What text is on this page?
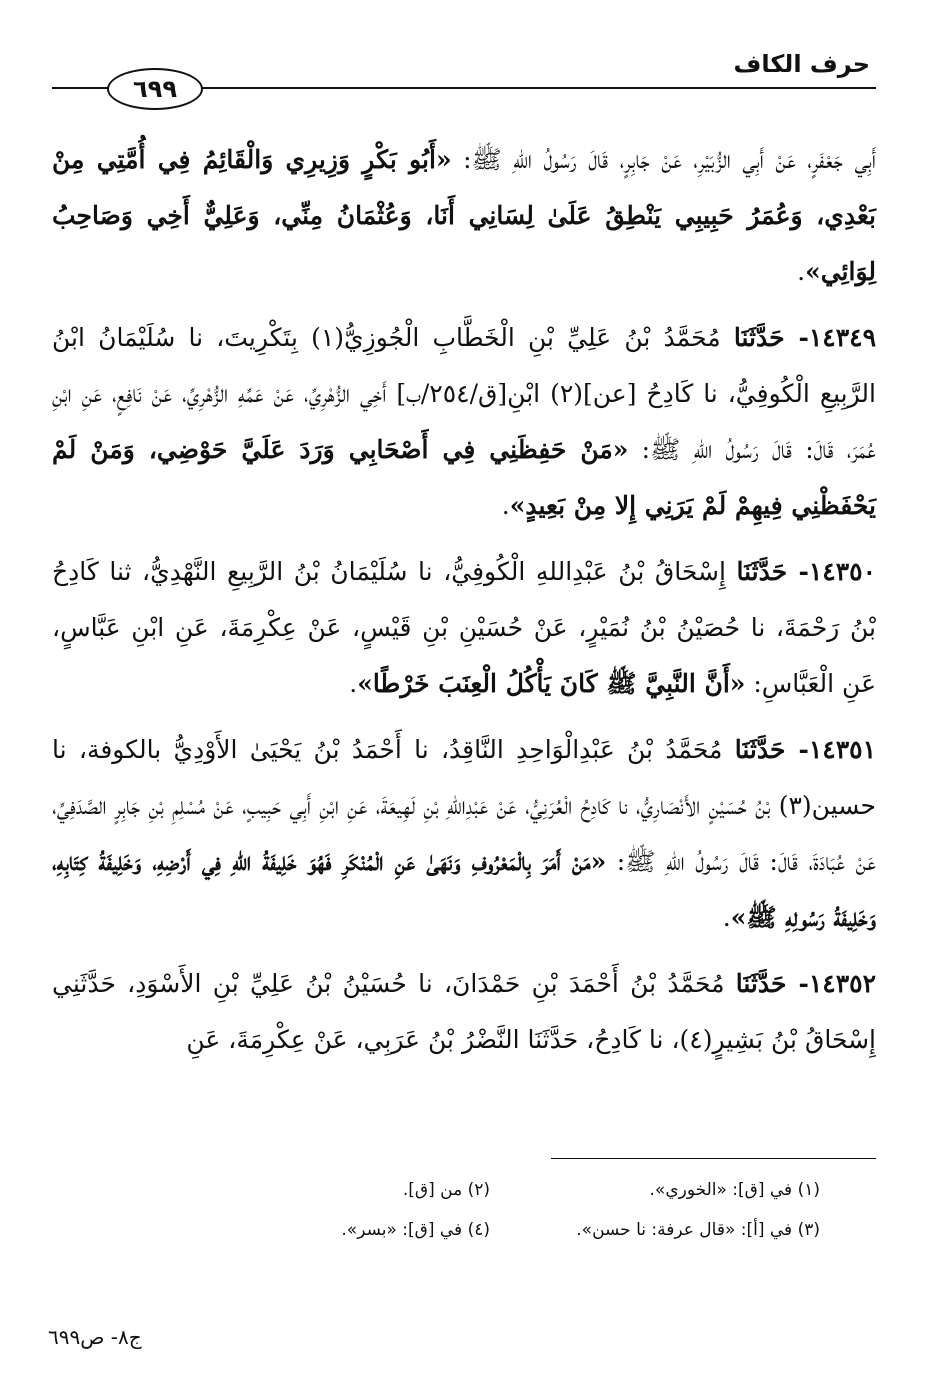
حرف الكاف
٦٩٩

أَبِي جَعْفَرٍ، عَنْ أَبِي الزُّبَيْرِ، عَنْ جَابِرٍ، قَالَ رَسُولُ اللهِ ﷺ: «أَبُو بَكْرٍ وَزِيرِي وَالْقَائِمُ فِي أُمَّتِي مِنْ بَعْدِي، وَعُمَرُ حَبِيبِي يَنْطِقُ عَلَىٰ لِسَانِي أَنَا، وَعُثْمَانُ مِنِّي، وَعَلِيٌّ أَخِي وَصَاحِبُ لِوَائِي».

١٤٣٤٩- حَدَّثَنَا مُحَمَّدُ بْنُ عَلِيِّ بْنِ الْخَطَّابِ الْجُوزِيُّ(١) بِتَكْرِيتَ، نا سُلَيْمَانُ ابْنُ الرَّبِيعِ الْكُوفِيُّ، نا كَادِحُ [عن](٢) ابْنِ[ق/٢٥٤/ب] أَخِي الزُّهْرِيِّ، عَنْ عَمِّهِ الزُّهْرِيِّ، عَنْ نَافِعٍ، عَنِ ابْنِ عُمَرَ، قَالَ: قَالَ رَسُولُ اللهِ ﷺ: «مَنْ حَفِظَنِي فِي أَصْحَابِي وَرَدَ عَلَيَّ حَوْضِي، وَمَنْ لَمْ يَحْفَظْنِي فِيهِمْ لَمْ يَرَنِي إِلا مِنْ بَعِيدٍ».

١٤٣٥٠- حَدَّثَنَا إِسْحَاقُ بْنُ عَبْدِاللهِ الْكُوفِيُّ، نا سُلَيْمَانُ بْنُ الرَّبِيعِ النَّهْدِيُّ، ثنا كَادِحُ بْنُ رَحْمَةَ، نا حُصَيْنُ بْنُ نُمَيْرٍ، عَنْ حُسَيْنِ بْنِ قَيْسٍ، عَنْ عِكْرِمَةَ، عَنِ ابْنِ عَبَّاسٍ، عَنِ الْعَبَّاسِ: «أَنَّ النَّبِيَّ ﷺ كَانَ يَأْكُلُ الْعِنَبَ خَرْطًا».

١٤٣٥١- حَدَّثَنَا مُحَمَّدُ بْنُ عَبْدِالْوَاحِدِ النَّاقِدُ، نا أَحْمَدُ بْنُ يَحْيَىٰ الأَوْدِيُّ بالكوفة، نا حسين(٣) بْنُ حُسَيْنٍ الأَنْصَارِيُّ، نا كَادِحُ الْعُرَنِيُّ، عَنْ عَبْدِاللهِ بْنِ لَهِيعَةَ، عَنِ ابْنِ أَبِي حَبِيبٍ، عَنْ مُسْلِمِ بْنِ جَابِرٍ الصَّدَفِيِّ، عَنْ عُبَادَةَ، قَالَ: قَالَ رَسُولُ اللهِ ﷺ: «مَنْ أَمَرَ بِالْمَعْرُوفِ وَنَهَىٰ عَنِ الْمُنْكَرِ فَهُوَ خَلِيفَةُ اللهِ فِي أَرْضِهِ، وَخَلِيفَةُ كِتَابِهِ، وَخَلِيفَةُ رَسُولِهِ ﷺ».

١٤٣٥٢- حَدَّثَنَا مُحَمَّدُ بْنُ أَحْمَدَ بْنِ حَمْدَانَ، نا حُسَيْنُ بْنُ عَلِيِّ بْنِ الأَسْوَدِ، حَدَّثَنِي إِسْحَاقُ بْنُ بَشِيرٍ(٤)، نا كَادِحُ، حَدَّثَنَا النَّضْرُ بْنُ عَرَبِي، عَنْ عِكْرِمَةَ، عَنِ

(١) في [ق]: «الخوري».
(٢) من [ق].
(٣) في [أ]: «قال عرفة: نا حسن».
(٤) في [ق]: «بسر».
ج٨- ص٦٩٩
